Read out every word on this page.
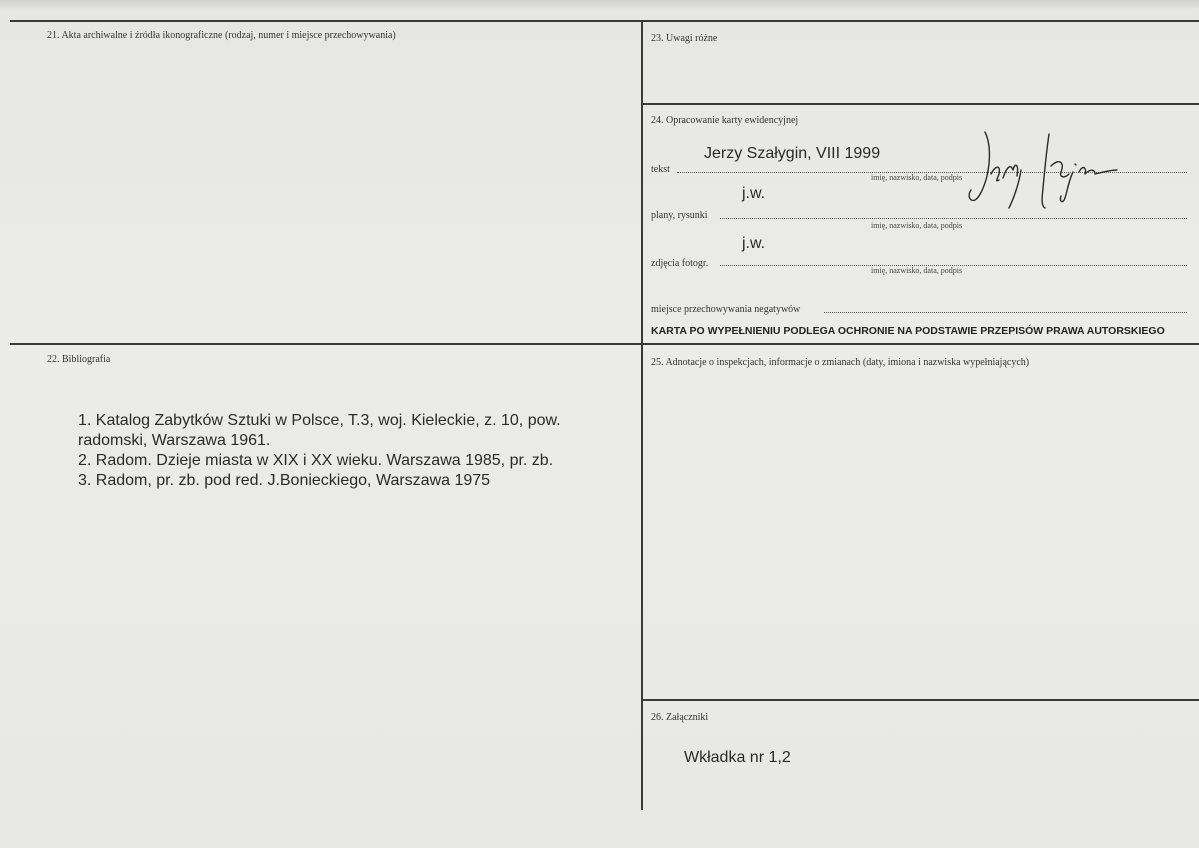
21. Akta archiwalne i źródła ikonograficzne (rodzaj, numer i miejsce przechowywania)	23. Uwagi różne
24. Opracowanie karty ewidencyjnej
tekst
Jerzy Szałygin, VIII 1999
imię, nazwisko, data, podpis
j.w.
plany, rysunki
imię, nazwisko, data, podpis
j.w.
zdjęcia fotogr.
imię, nazwisko, data, podpis
miejsce przechowywania negatywów
KARTA PO WYPEŁNIENIU PODLEGA OCHRONIE NA PODSTAWIE PRZEPISÓW PRAWA AUTORSKIEGO
22. Bibliografia
1. Katalog Zabytków Sztuki w Polsce, T.3, woj. Kieleckie, z. 10, pow.
radomski, Warszawa 1961.
2. Radom. Dzieje miasta w XIX i XX wieku. Warszawa 1985, pr. zb.
3. Radom, pr. zb. pod red. J.Bonieckiego, Warszawa 1975
25. Adnotacje o inspekcjach, informacje o zmianach (daty, imiona i nazwiska wypełniających)
26. Załączniki
Wkładka nr 1,2
